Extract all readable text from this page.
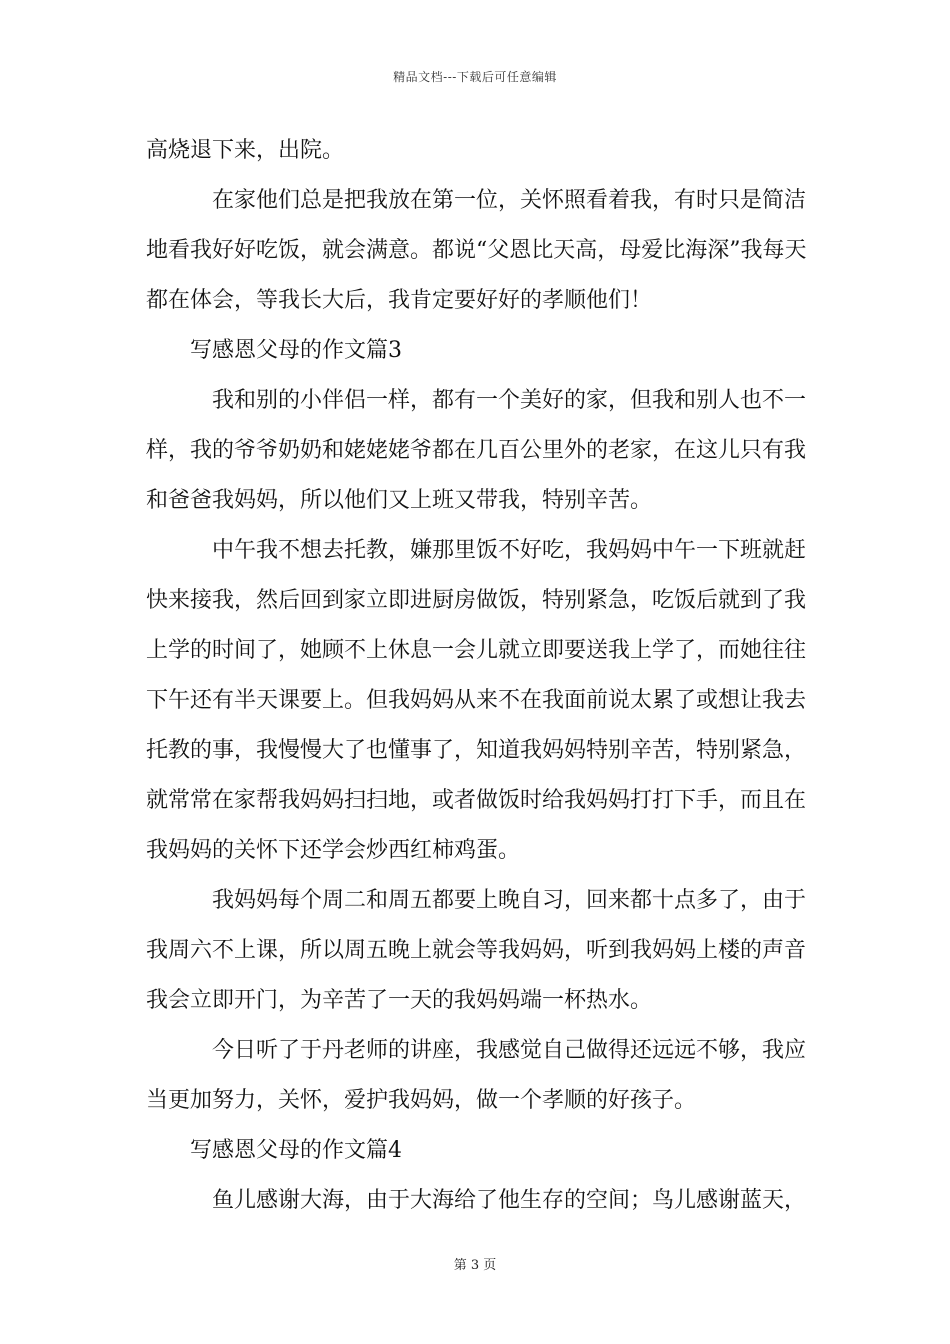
精品文档---下载后可任意编辑

高烧退下来，出院。

在家他们总是把我放在第一位，关怀照看着我，有时只是简洁地看我好好吃饭，就会满意。都说“父恩比天高，母爱比海深”我每天都在体会，等我长大后，我肯定要好好的孝顺他们！

写感恩父母的作文篇3

我和别的小伴侣一样，都有一个美好的家，但我和别人也不一样，我的爷爷奶奶和姥姥姥爷都在几百公里外的老家，在这儿只有我和爸爸我妈妈，所以他们又上班又带我，特别辛苦。

中午我不想去托教，嫌那里饭不好吃，我妈妈中午一下班就赶快来接我，然后回到家立即进厨房做饭，特别紧急，吃饭后就到了我上学的时间了，她顾不上休息一会儿就立即要送我上学了，而她往往下午还有半天课要上。但我妈妈从来不在我面前说太累了或想让我去托教的事，我慢慢大了也懂事了，知道我妈妈特别辛苦，特别紧急，就常常在家帮我妈妈扫扫地，或者做饭时给我妈妈打打下手，而且在我妈妈的关怀下还学会炒西红柿鸡蛋。

我妈妈每个周二和周五都要上晚自习，回来都十点多了，由于我周六不上课，所以周五晚上就会等我妈妈，听到我妈妈上楼的声音我会立即开门，为辛苦了一天的我妈妈端一杯热水。

今日听了于丹老师的讲座，我感觉自己做得还远远不够，我应当更加努力，关怀，爱护我妈妈，做一个孝顺的好孩子。

写感恩父母的作文篇4

鱼儿感谢大海，由于大海给了他生存的空间；鸟儿感谢蓝天，

第 3 页
